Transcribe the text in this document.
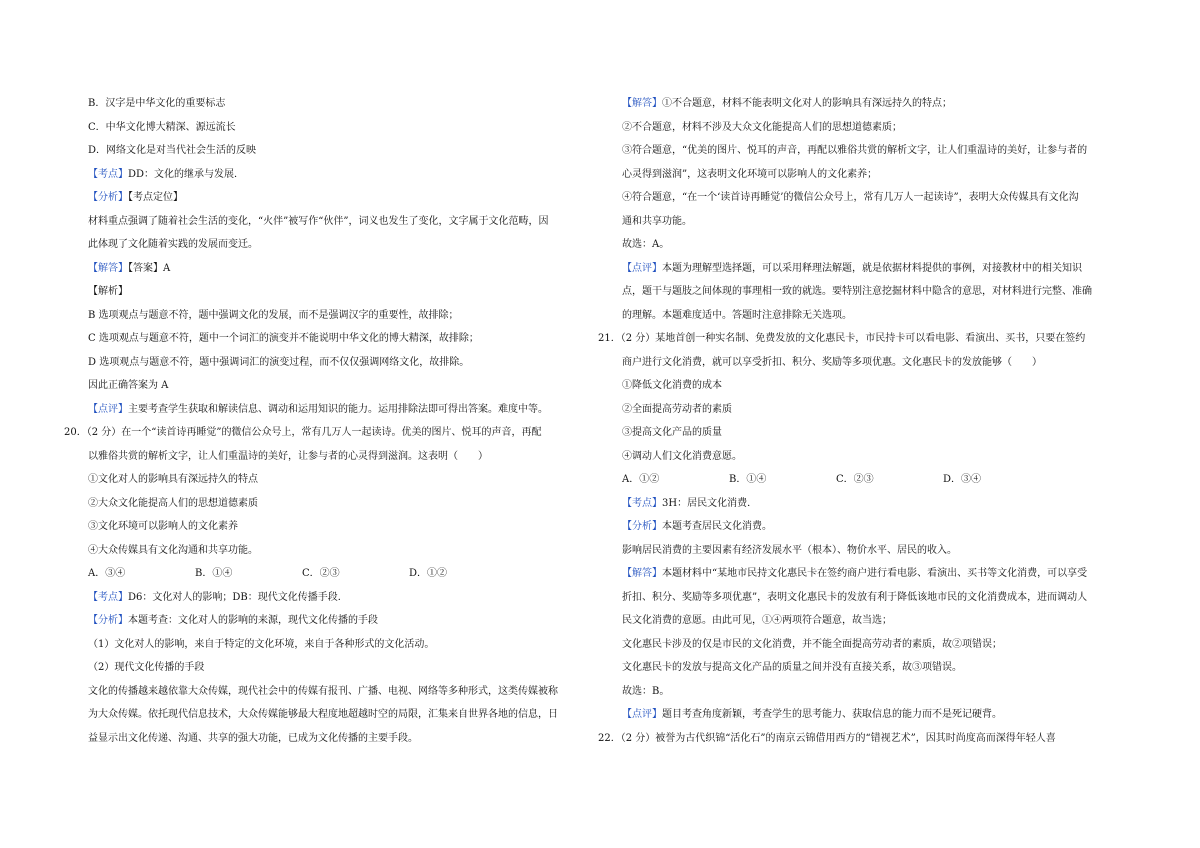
B．汉字是中华文化的重要标志
C．中华文化博大精深、源远流长
D．网络文化是对当代社会生活的反映
【考点】DD：文化的继承与发展．
【分析】【考点定位】
材料重点强调了随着社会生活的变化，“火伴”被写作“伙伴”，词义也发生了变化，文字属于文化范畴，因
此体现了文化随着实践的发展而变迁。
【解答】【答案】A
【解析】
B 选项观点与题意不符，题中强调文化的发展，而不是强调汉字的重要性，故排除；
C 选项观点与题意不符，题中一个词汇的演变并不能说明中华文化的博大精深，故排除；
D 选项观点与题意不符，题中强调词汇的演变过程，而不仅仅强调网络文化，故排除。
因此正确答案为 A
【点评】主要考查学生获取和解读信息、调动和运用知识的能力。运用排除法即可得出答案。难度中等。
20．（2 分）在一个“读首诗再睡觉”的微信公众号上，常有几万人一起读诗。优美的图片、悦耳的声音，再配
以雅俗共赏的解析文字，让人们重温诗的美好，让参与者的心灵得到滋润。这表明（　　）
①文化对人的影响具有深远持久的特点
②大众文化能提高人们的思想道德素质
③文化环境可以影响人的文化素养
④大众传媒具有文化沟通和共享功能。
A．③④	B．①④	C．②③	D．①②
【考点】D6：文化对人的影响；DB：现代文化传播手段．
【分析】本题考查：文化对人的影响的来源，现代文化传播的手段
（1）文化对人的影响，来自于特定的文化环境，来自于各种形式的文化活动。
（2）现代文化传播的手段
文化的传播越来越依靠大众传媒，现代社会中的传媒有报刊、广播、电视、网络等多种形式，这类传媒被称
为大众传媒。依托现代信息技术，大众传媒能够最大程度地超越时空的局限，汇集来自世界各地的信息，日
益显示出文化传递、沟通、共享的强大功能，已成为文化传播的主要手段。
【解答】①不合题意，材料不能表明文化对人的影响具有深远持久的特点；
②不合题意，材料不涉及大众文化能提高人们的思想道德素质；
③符合题意，“优美的图片、悦耳的声音，再配以雅俗共赏的解析文字，让人们重温诗的美好，让参与者的
心灵得到滋润”，这表明文化环境可以影响人的文化素养；
④符合题意，“在一个‘读首诗再睡觉’的微信公众号上，常有几万人一起读诗”，表明大众传媒具有文化沟
通和共享功能。
故选：A。
【点评】本题为理解型选择题，可以采用释理法解题，就是依据材料提供的事例，对接教材中的相关知识
点，题干与题肢之间体现的事理相一致的就选。要特别注意挖掘材料中隐含的意思，对材料进行完整、准确
的理解。本题难度适中。答题时注意排除无关选项。
21．（2 分）某地首创一种实名制、免费发放的文化惠民卡，市民持卡可以看电影、看演出、买书，只要在签约
商户进行文化消费，就可以享受折扣、积分、奖励等多项优惠。文化惠民卡的发放能够（　　）
①降低文化消费的成本
②全面提高劳动者的素质
③提高文化产品的质量
④调动人们文化消费意愿。
A．①②	B．①④	C．②③	D．③④
【考点】3H：居民文化消费．
【分析】本题考查居民文化消费。
影响居民消费的主要因素有经济发展水平（根本）、物价水平、居民的收入。
【解答】本题材料中“某地市民持文化惠民卡在签约商户进行看电影、看演出、买书等文化消费，可以享受
折扣、积分、奖励等多项优惠”，表明文化惠民卡的发放有利于降低该地市民的文化消费成本，进而调动人
民文化消费的意愿。由此可见，①④两项符合题意，故当选；
文化惠民卡涉及的仅是市民的文化消费，并不能全面提高劳动者的素质，故②项错误；
文化惠民卡的发放与提高文化产品的质量之间并没有直接关系，故③项错误。
故选：B。
【点评】题目考查角度新颖，考查学生的思考能力、获取信息的能力而不是死记硬背。
22．（2 分）被誉为古代织锦“活化石”的南京云锦借用西方的“错视艺术”，因其时尚度高而深得年轻人喜
